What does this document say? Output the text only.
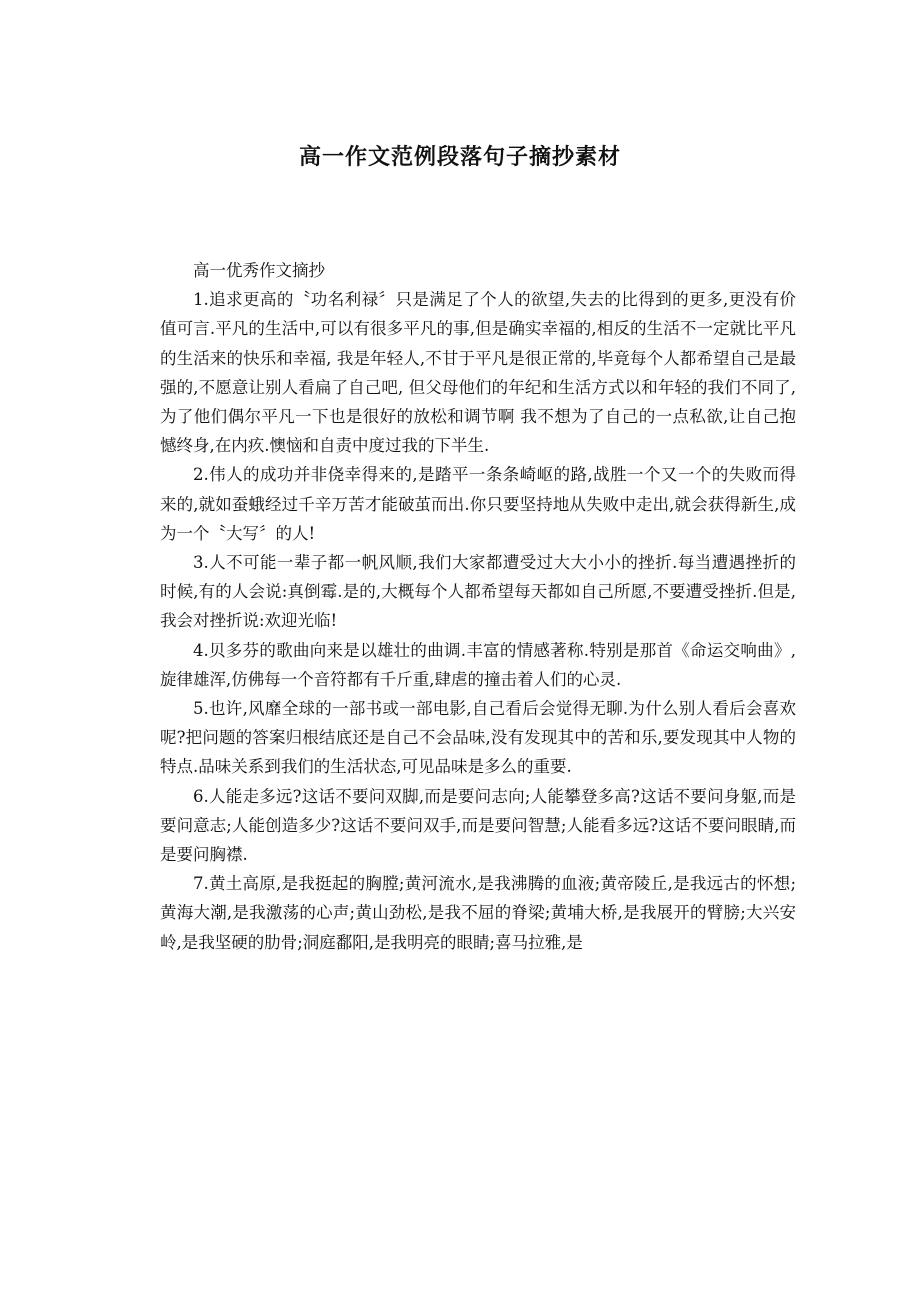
高一作文范例段落句子摘抄素材

高一优秀作文摘抄

1.追求更高的〝功名利禄〞只是满足了个人的欲望,失去的比得到的更多,更没有价值可言.平凡的生活中,可以有很多平凡的事,但是确实幸福的,相反的生活不一定就比平凡的生活来的快乐和幸福, 我是年轻人,不甘于平凡是很正常的,毕竟每个人都希望自己是最强的,不愿意让别人看扁了自己吧, 但父母他们的年纪和生活方式以和年轻的我们不同了,为了他们偶尔平凡一下也是很好的放松和调节啊 我不想为了自己的一点私欲,让自己抱憾终身,在内疚.懊恼和自责中度过我的下半生.

2.伟人的成功并非侥幸得来的,是踏平一条条崎岖的路,战胜一个又一个的失败而得来的,就如蚕蛾经过千辛万苦才能破茧而出.你只要坚持地从失败中走出,就会获得新生,成为一个〝大写〞的人!

3.人不可能一辈子都一帆风顺,我们大家都遭受过大大小小的挫折.每当遭遇挫折的时候,有的人会说:真倒霉.是的,大概每个人都希望每天都如自己所愿,不要遭受挫折.但是,我会对挫折说:欢迎光临!

4.贝多芬的歌曲向来是以雄壮的曲调.丰富的情感著称.特别是那首《命运交响曲》,旋律雄浑,仿佛每一个音符都有千斤重,肆虐的撞击着人们的心灵.

5.也许,风靡全球的一部书或一部电影,自己看后会觉得无聊.为什么别人看后会喜欢呢?把问题的答案归根结底还是自己不会品味,没有发现其中的苦和乐,要发现其中人物的特点.品味关系到我们的生活状态,可见品味是多么的重要.

6.人能走多远?这话不要问双脚,而是要问志向;人能攀登多高?这话不要问身躯,而是要问意志;人能创造多少?这话不要问双手,而是要问智慧;人能看多远?这话不要问眼睛,而是要问胸襟.

7.黄土高原,是我挺起的胸膛;黄河流水,是我沸腾的血液;黄帝陵丘,是我远古的怀想;黄海大潮,是我激荡的心声;黄山劲松,是我不屈的脊梁;黄埔大桥,是我展开的臂膀;大兴安岭,是我坚硬的肋骨;洞庭鄱阳,是我明亮的眼睛;喜马拉雅,是
